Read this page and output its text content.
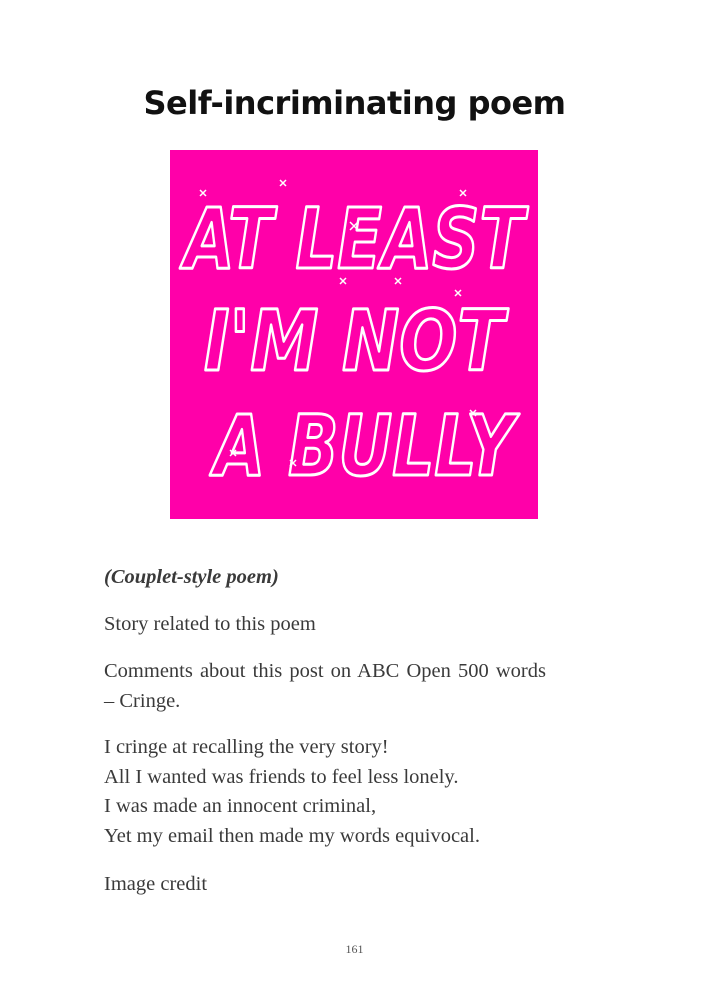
Self-incriminating poem
AT LEAST
I'M NOT
A BULLY
(Couplet-style poem)
Story related to this poem
Comments about this post on ABC Open 500 words
– Cringe.
I cringe at recalling the very story!
All I wanted was friends to feel less lonely.
I was made an innocent criminal,
Yet my email then made my words equivocal.
Image credit
161
